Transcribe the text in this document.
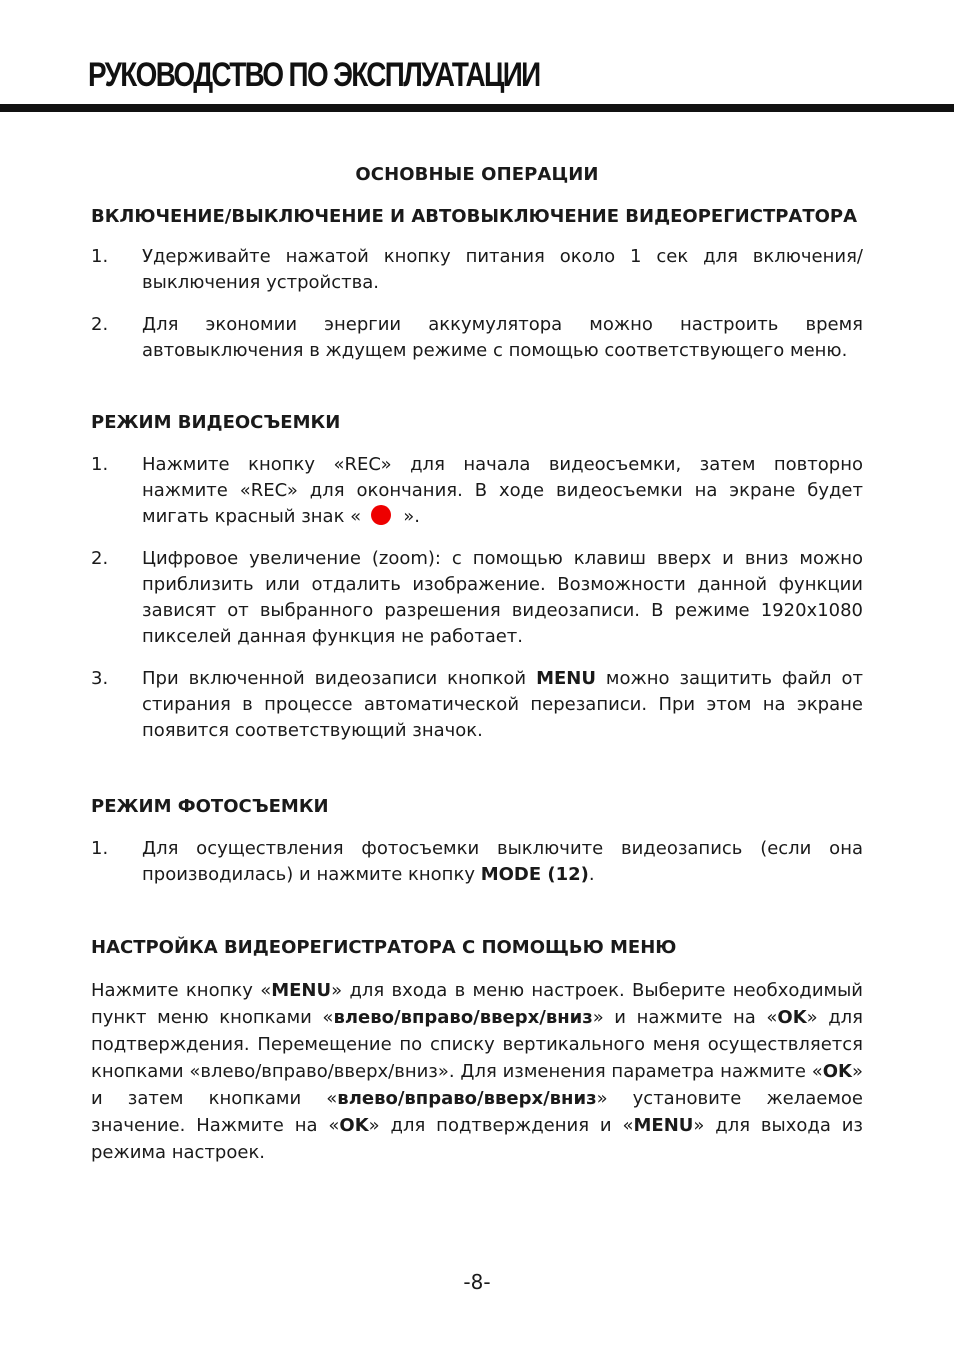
РУКОВОДСТВО ПО ЭКСПЛУАТАЦИИ
ОСНОВНЫЕ ОПЕРАЦИИ
ВКЛЮЧЕНИЕ/ВЫКЛЮЧЕНИЕ И АВТОВЫКЛЮЧЕНИЕ ВИДЕОРЕГИСТРАТОРА
1. Удерживайте нажатой кнопку питания около 1 сек для включения/выключения устройства.
2. Для экономии энергии аккумулятора можно настроить время автовыключения в ждущем режиме с помощью соответствующего меню.
РЕЖИМ ВИДЕОСЪЕМКИ
1. Нажмите кнопку «REC» для начала видеосъемки, затем повторно нажмите «REC» для окончания. В ходе видеосъемки на экране будет мигать красный знак « ».
2. Цифровое увеличение (zoom): с помощью клавиш вверх и вниз можно приблизить или отдалить изображение. Возможности данной функции зависят от выбранного разрешения видеозаписи. В режиме 1920x1080 пикселей данная функция не работает.
3. При включенной видеозаписи кнопкой MENU можно защитить файл от стирания в процессе автоматической перезаписи. При этом на экране появится соответствующий значок.
РЕЖИМ ФОТОСЪЕМКИ
1. Для осуществления фотосъемки выключите видеозапись (если она производилась) и нажмите кнопку MODE (12).
НАСТРОЙКА ВИДЕОРЕГИСТРАТОРА С ПОМОЩЬЮ МЕНЮ

Нажмите кнопку «MENU» для входа в меню настроек. Выберите необходимый пункт меню кнопками «влево/вправо/вверх/вниз» и нажмите на «OK» для подтверждения. Перемещение по списку вертикального меня осуществляется кнопками «влево/вправо/вверх/вниз». Для изменения параметра нажмите «OK» и затем кнопками «влево/вправо/вверх/вниз» установите желаемое значение. Нажмите на «OK» для подтверждения и «MENU» для выхода из режима настроек.

-8-
